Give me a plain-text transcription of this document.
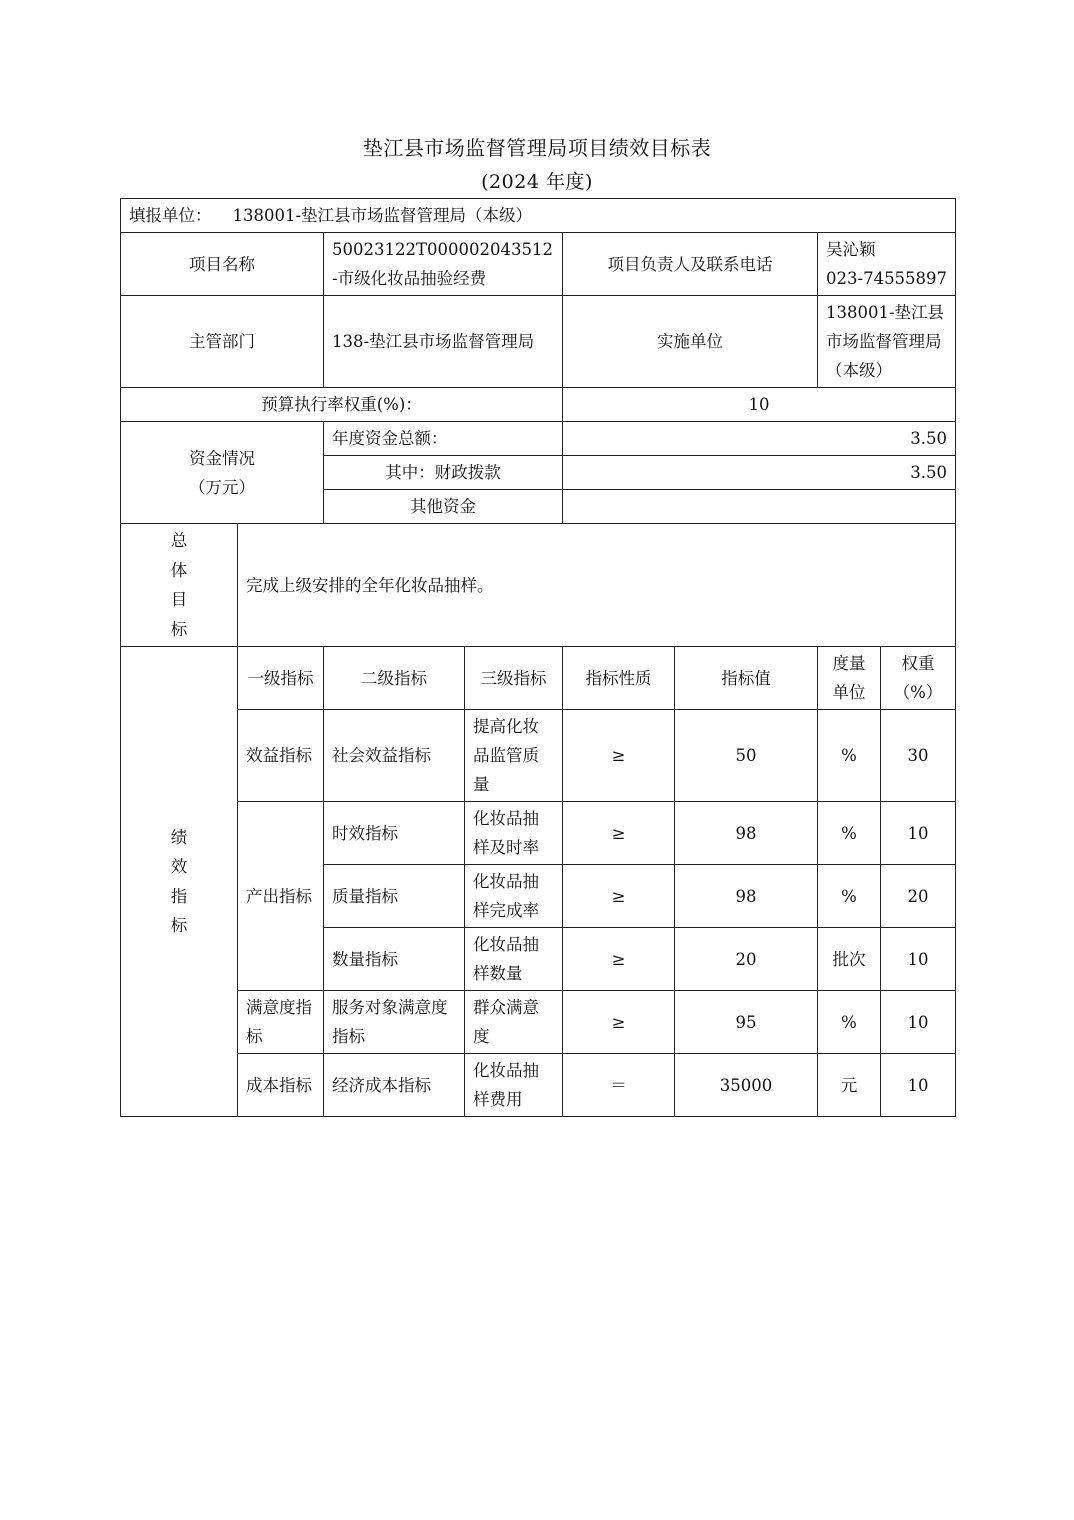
垫江县市场监督管理局项目绩效目标表
(2024 年度)
填报单位： 138001-垫江县市场监督管理局（本级）							
项目名称		50023122T000002043512-市级化妆品抽验经费		项目负责人及联系电话		吴沁颖
023-74555897	

主管部门		138-垫江县市场监督管理局		实施单位		138001-垫江县市场监督管理局（本级）	
预算执行率权重(%)：				10			

资金情况
（万元）		年度资金总额：		3.50			
		其中：财政拨款		3.50			
		其他资金					

总
体
目
标	完成上级安排的全年化妆品抽样。						

绩
效
指
标	一级指标	二级指标	三级指标	指标性质	指标值	度量单位	权重（%）
	效益指标	社会效益指标	提高化妆品监管质量	≥	50	%	30
	产出指标	时效指标	化妆品抽样及时率	≥	98	%	10
		质量指标	化妆品抽样完成率	≥	98	%	20
		数量指标	化妆品抽样数量	≥	20	批次	10
	满意度指标	服务对象满意度指标	群众满意度	≥	95	%	10
	成本指标	经济成本指标	化妆品抽样费用	＝	35000	元	10
